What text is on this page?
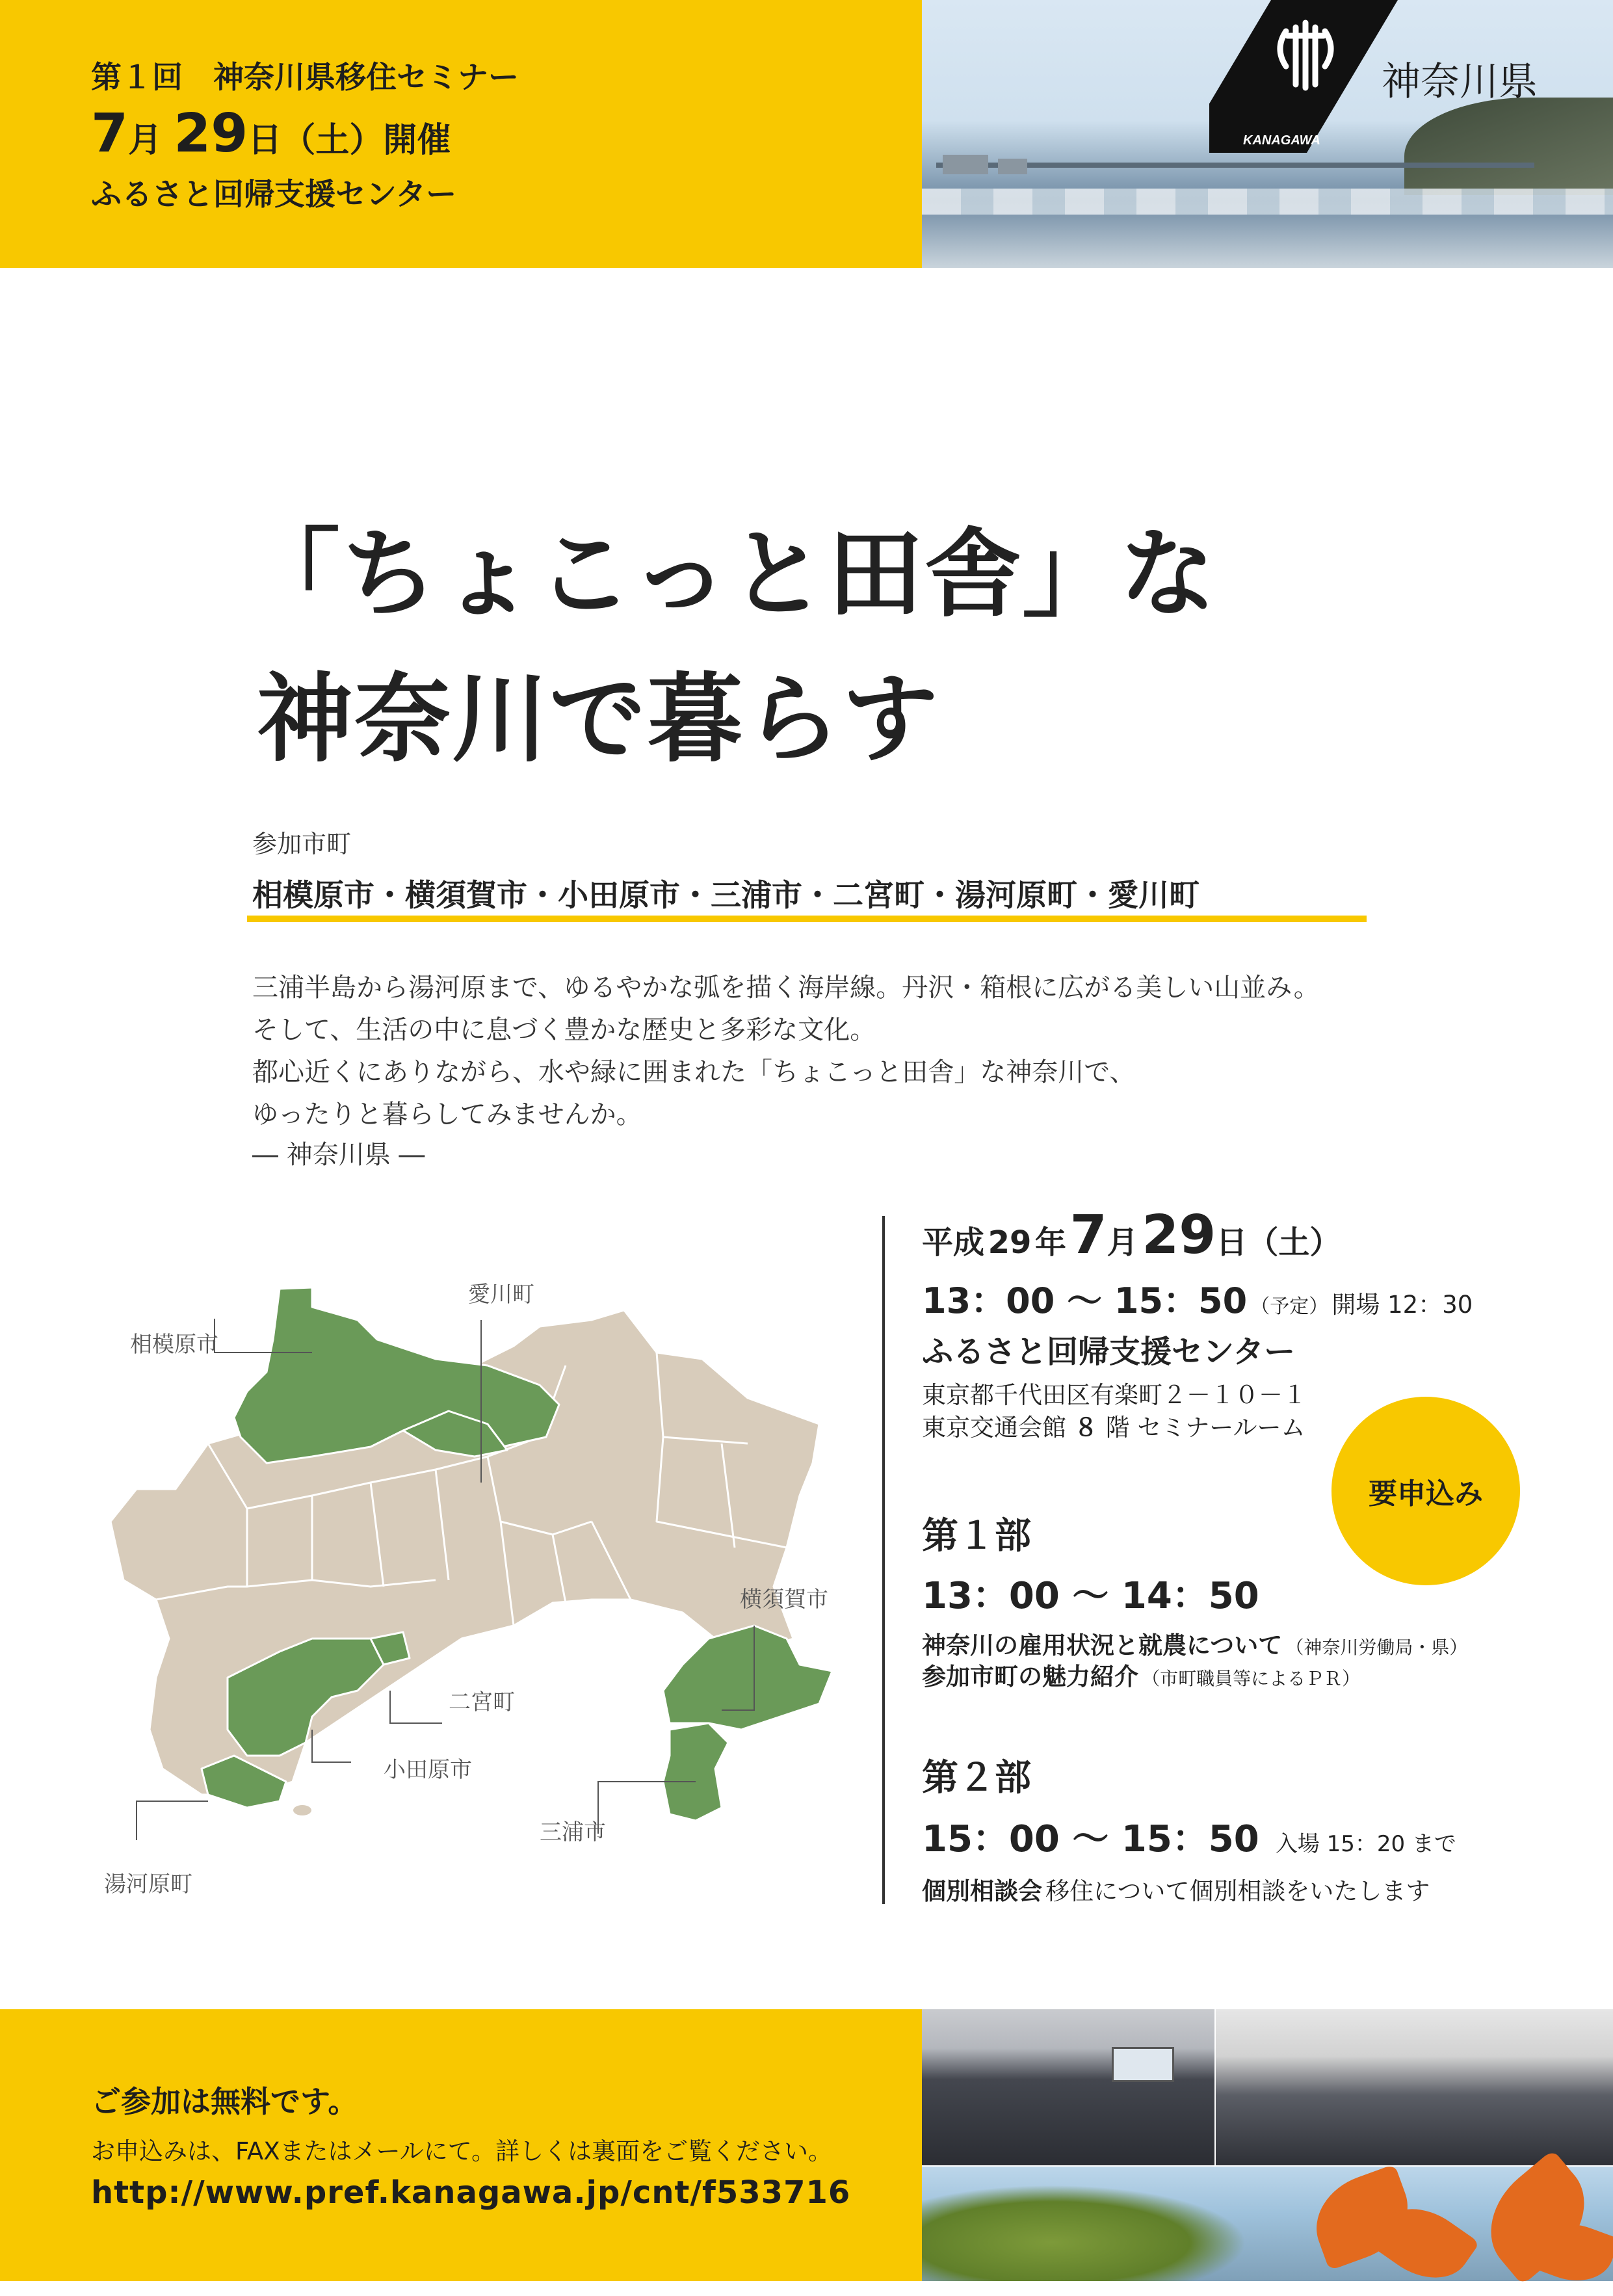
第１回　神奈川県移住セミナー
7月 29日（土）開催
ふるさと回帰支援センター
KANAGAWA
神奈川県
「ちょこっと田舎」な
神奈川で暮らす
参加市町
相模原市・横須賀市・小田原市・三浦市・二宮町・湯河原町・愛川町
三浦半島から湯河原まで、ゆるやかな弧を描く海岸線。丹沢・箱根に広がる美しい山並み。
そして、生活の中に息づく豊かな歴史と多彩な文化。
都心近くにありながら、水や緑に囲まれた「ちょこっと田舎」な神奈川で、
ゆったりと暮らしてみませんか。
― 神奈川県 ―
相模原市
愛川町
横須賀市
二宮町
小田原市
三浦市
湯河原町
平成 29 年 7月 29日（土）
13：00 ～ 15：50 （予定） 開場 12：30
ふるさと回帰支援センター
東京都千代田区有楽町２－１０－１
東京交通会館 ８ 階 セミナールーム
要申込み
第１部
13：00 ～ 14：50
神奈川の雇用状況と就農について （神奈川労働局・県）
参加市町の魅力紹介 （市町職員等によるＰＲ）
第２部
15：00 ～ 15：50 入場 15：20 まで
個別相談会 移住について個別相談をいたします
ご参加は無料です。
お申込みは、FAXまたはメールにて。詳しくは裏面をご覧ください。
http://www.pref.kanagawa.jp/cnt/f533716
